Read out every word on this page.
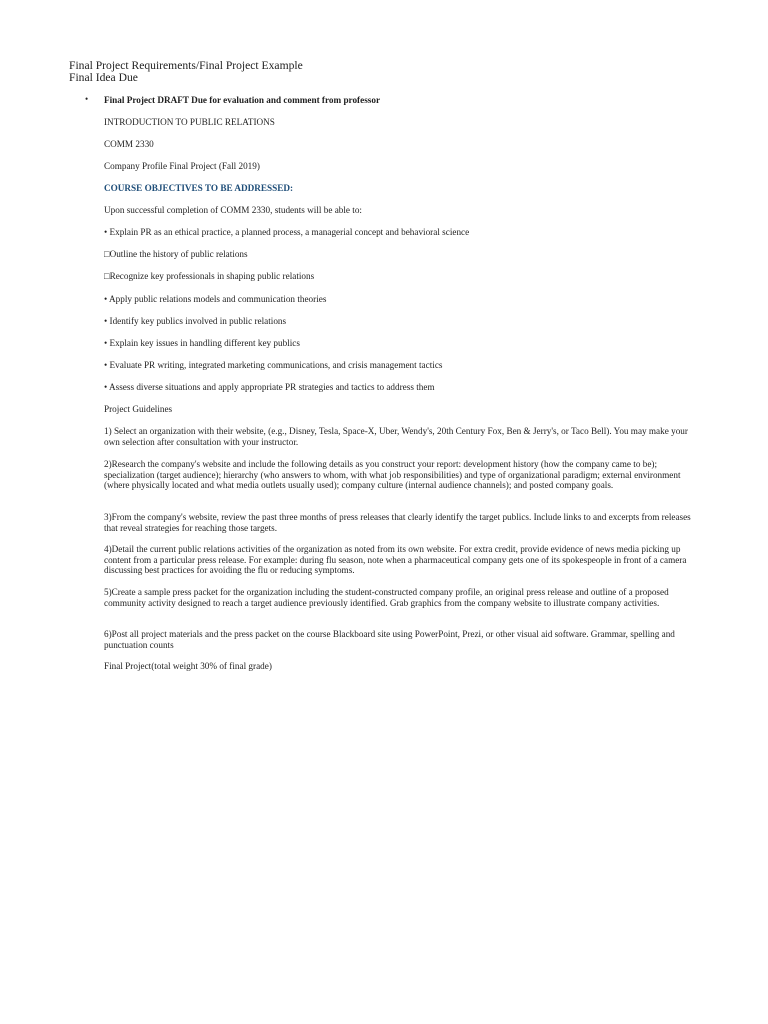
Final Project Requirements/Final Project Example
Final Idea Due
• Final Project DRAFT Due for evaluation and comment from professor
INTRODUCTION TO PUBLIC RELATIONS
COMM 2330
Company Profile Final Project (Fall 2019)
COURSE OBJECTIVES TO BE ADDRESSED:
Upon successful completion of COMM 2330, students will be able to:
• Explain PR as an ethical practice, a planned process, a managerial concept and behavioral science
□Outline the history of public relations
□Recognize key professionals in shaping public relations
• Apply public relations models and communication theories
• Identify key publics involved in public relations
• Explain key issues in handling different key publics
• Evaluate PR writing, integrated marketing communications, and crisis management tactics
• Assess diverse situations and apply appropriate PR strategies and tactics to address them
Project Guidelines
1) Select an organization with their website, (e.g., Disney, Tesla, Space-X, Uber, Wendy's, 20th Century Fox, Ben & Jerry's, or Taco Bell). You may make your own selection after consultation with your instructor.
2)Research the company's website and include the following details as you construct your report: development history (how the company came to be); specialization (target audience); hierarchy (who answers to whom, with what job responsibilities) and type of organizational paradigm; external environment (where physically located and what media outlets usually used); company culture (internal audience channels); and posted company goals.
3)From the company's website, review the past three months of press releases that clearly identify the target publics. Include links to and excerpts from releases that reveal strategies for reaching those targets.
4)Detail the current public relations activities of the organization as noted from its own website. For extra credit, provide evidence of news media picking up content from a particular press release. For example: during flu season, note when a pharmaceutical company gets one of its spokespeople in front of a camera discussing best practices for avoiding the flu or reducing symptoms.
5)Create a sample press packet for the organization including the student-constructed company profile, an original press release and outline of a proposed community activity designed to reach a target audience previously identified. Grab graphics from the company website to illustrate company activities.
6)Post all project materials and the press packet on the course Blackboard site using PowerPoint, Prezi, or other visual aid software. Grammar, spelling and punctuation counts
Final Project(total weight 30% of final grade)
